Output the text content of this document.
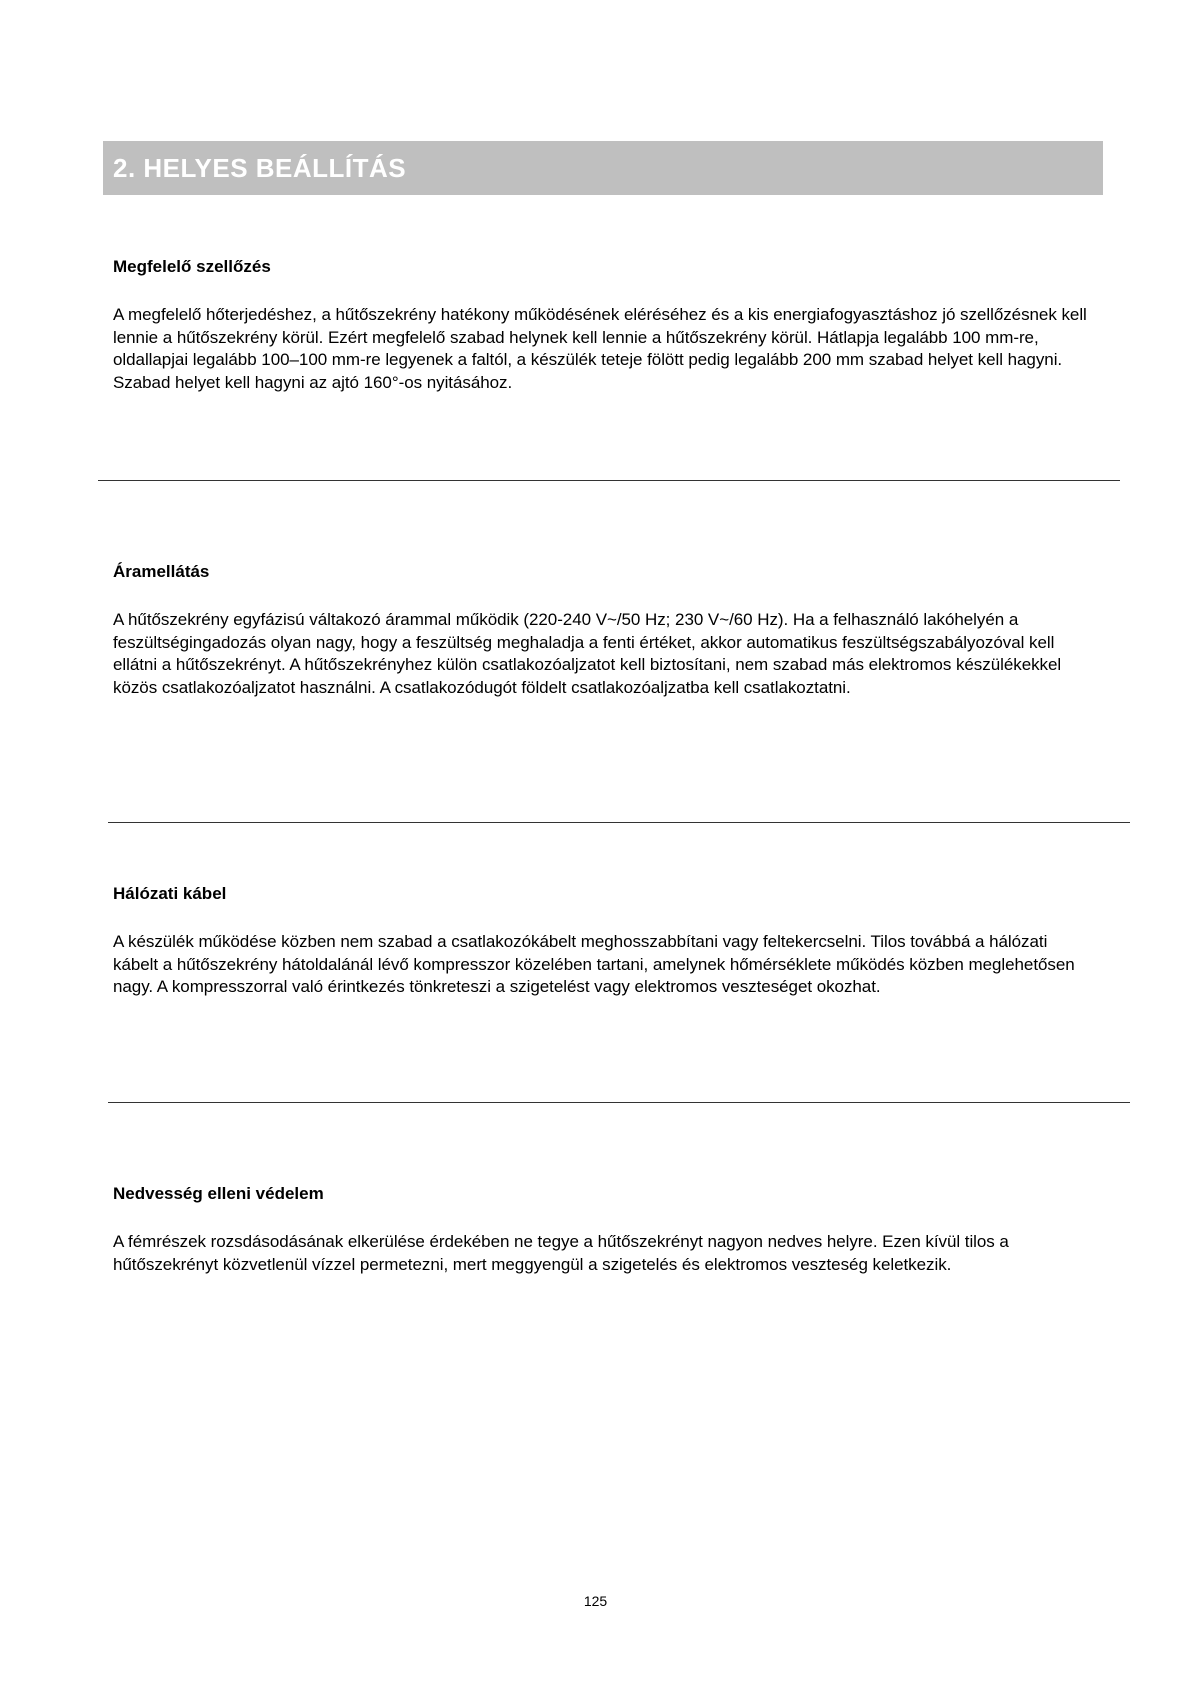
2. HELYES BEÁLLÍTÁS
Megfelelő szellőzés

A megfelelő hőterjedéshez, a hűtőszekrény hatékony működésének eléréséhez és a kis energiafogyasztáshoz jó szellőzésnek kell lennie a hűtőszekrény körül. Ezért megfelelő szabad helynek kell lennie a hűtőszekrény körül. Hátlapja legalább 100 mm-re, oldallapjai legalább 100–100 mm-re legyenek a faltól, a készülék teteje fölött pedig legalább 200 mm szabad helyet kell hagyni. Szabad helyet kell hagyni az ajtó 160°-os nyitásához.

Áramellátás

A hűtőszekrény egyfázisú váltakozó árammal működik (220-240 V~/50 Hz; 230 V~/60 Hz). Ha a felhasználó lakóhelyén a feszültségingadozás olyan nagy, hogy a feszültség meghaladja a fenti értéket, akkor automatikus feszültségszabályozóval kell ellátni a hűtőszekrényt. A hűtőszekrényhez külön csatlakozóaljzatot kell biztosítani, nem szabad más elektromos készülékekkel közös csatlakozóaljzatot használni. A csatlakozódugót földelt csatlakozóaljzatba kell csatlakoztatni.

Hálózati kábel

A készülék működése közben nem szabad a csatlakozókábelt meghosszabbítani vagy feltekercselni. Tilos továbbá a hálózati kábelt a hűtőszekrény hátoldalánál lévő kompresszor közelében tartani, amelynek hőmérséklete működés közben meglehetősen nagy. A kompresszorral való érintkezés tönkreteszi a szigetelést vagy elektromos veszteséget okozhat.

Nedvesség elleni védelem

A fémrészek rozsdásodásának elkerülése érdekében ne tegye a hűtőszekrényt nagyon nedves helyre. Ezen kívül tilos a hűtőszekrényt közvetlenül vízzel permetezni, mert meggyengül a szigetelés és elektromos veszteség keletkezik.

125
